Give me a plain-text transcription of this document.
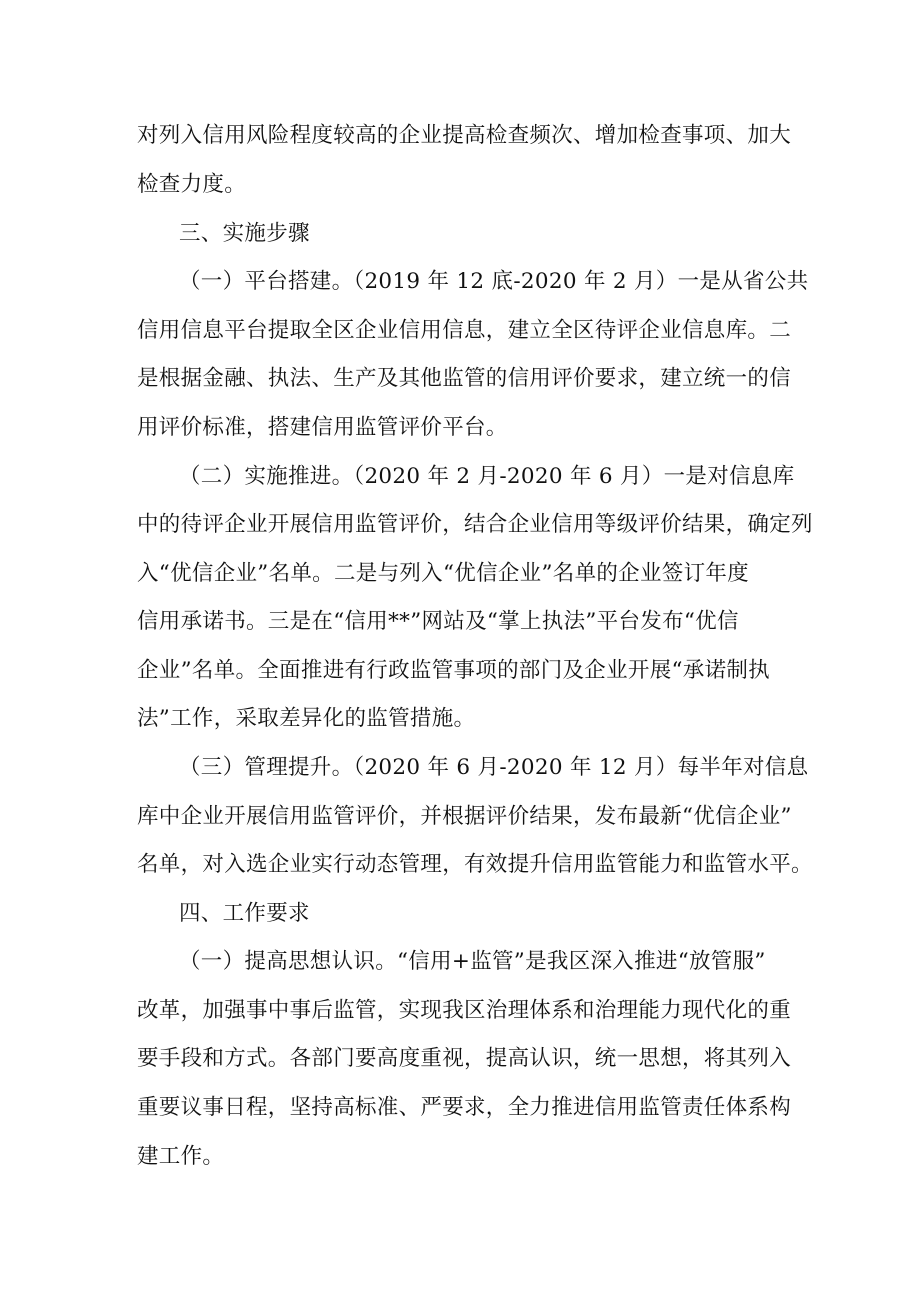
对列入信用风险程度较高的企业提高检查频次、增加检查事项、加大
检查力度。
三、实施步骤
（一）平台搭建。（2019 年 12 底-2020 年 2 月）一是从省公共
信用信息平台提取全区企业信用信息，建立全区待评企业信息库。二
是根据金融、执法、生产及其他监管的信用评价要求，建立统一的信
用评价标准，搭建信用监管评价平台。
（二）实施推进。（2020 年 2 月-2020 年 6 月）一是对信息库
中的待评企业开展信用监管评价，结合企业信用等级评价结果，确定列
入“优信企业”名单。二是与列入“优信企业”名单的企业签订年度
信用承诺书。三是在“信用**”网站及“掌上执法”平台发布“优信
企业”名单。全面推进有行政监管事项的部门及企业开展“承诺制执
法”工作，采取差异化的监管措施。
（三）管理提升。（2020 年 6 月-2020 年 12 月）每半年对信息
库中企业开展信用监管评价，并根据评价结果，发布最新“优信企业”
名单，对入选企业实行动态管理，有效提升信用监管能力和监管水平。
四、工作要求
（一）提高思想认识。“信用+监管”是我区深入推进“放管服”
改革，加强事中事后监管，实现我区治理体系和治理能力现代化的重
要手段和方式。各部门要高度重视，提高认识，统一思想，将其列入
重要议事日程，坚持高标准、严要求，全力推进信用监管责任体系构
建工作。
